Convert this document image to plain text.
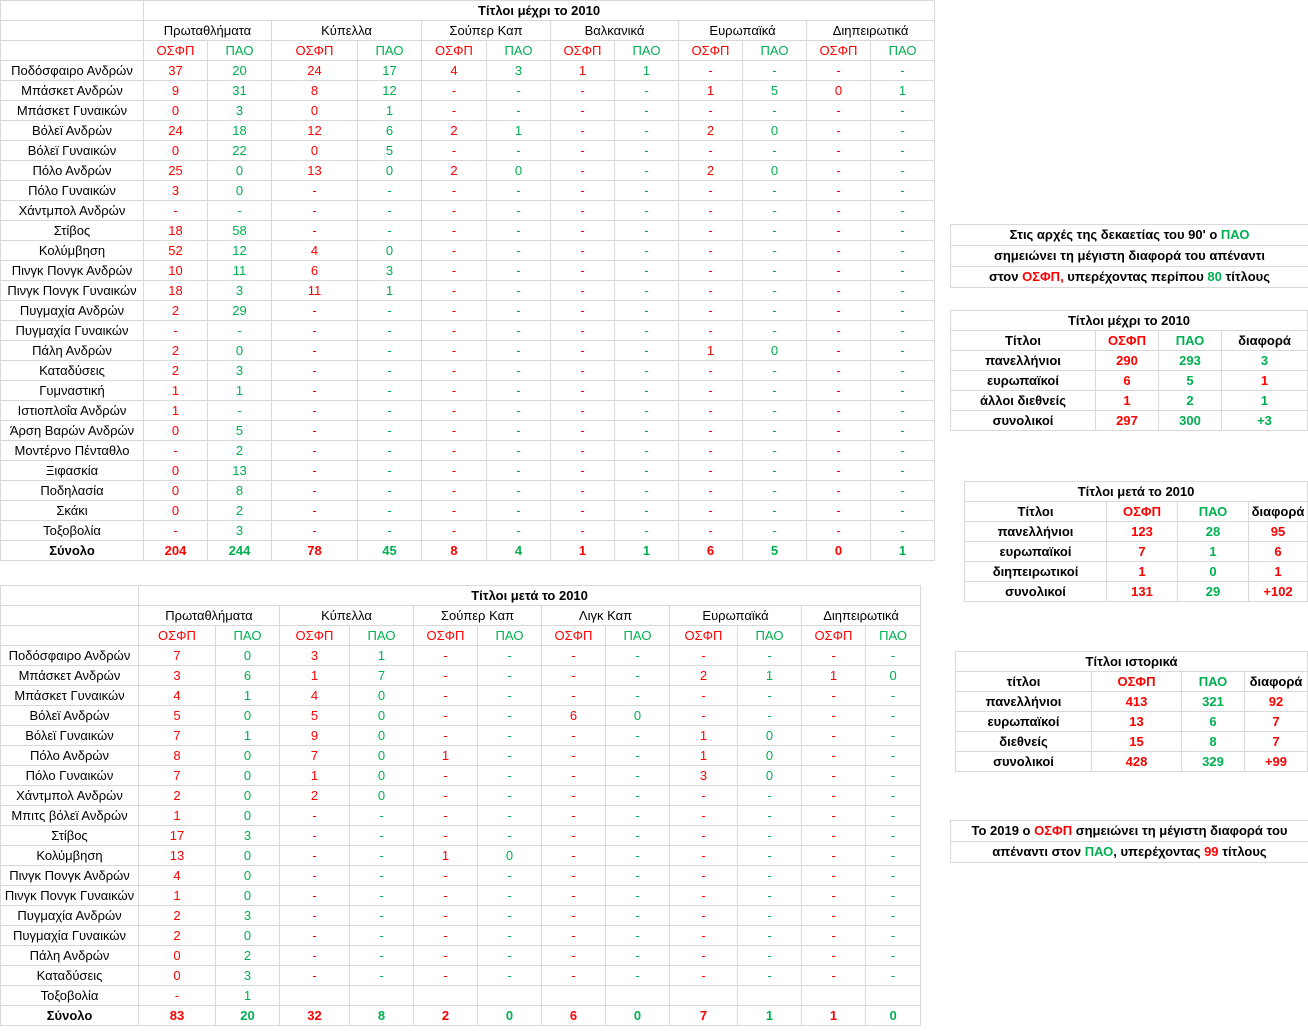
	Τίτλοι μέχρι το 2010											
	Πρωταθλήματα		Κύπελλα		Σούπερ Καπ		Βαλκανικά		Ευρωπαϊκά		Διηπειρωτικά	
	ΟΣΦΠ	ΠΑΟ	ΟΣΦΠ	ΠΑΟ	ΟΣΦΠ	ΠΑΟ	ΟΣΦΠ	ΠΑΟ	ΟΣΦΠ	ΠΑΟ	ΟΣΦΠ	ΠΑΟ
Ποδόσφαιρο Ανδρών	37	20	24	17	4	3	1	1	-	-	-	-
Μπάσκετ Ανδρών	9	31	8	12	-	-	-	-	1	5	0	1
Μπάσκετ Γυναικών	0	3	0	1	-	-	-	-	-	-	-	-
Βόλεϊ Ανδρών	24	18	12	6	2	1	-	-	2	0	-	-
Βόλεϊ Γυναικών	0	22	0	5	-	-	-	-	-	-	-	-
Πόλο Ανδρών	25	0	13	0	2	0	-	-	2	0	-	-
Πόλο Γυναικών	3	0	-	-	-	-	-	-	-	-	-	-
Χάντμπολ Ανδρών	-	-	-	-	-	-	-	-	-	-	-	-
Στίβος	18	58	-	-	-	-	-	-	-	-	-	-
Κολύμβηση	52	12	4	0	-	-	-	-	-	-	-	-
Πινγκ Πονγκ Ανδρών	10	11	6	3	-	-	-	-	-	-	-	-
Πινγκ Πονγκ Γυναικών	18	3	11	1	-	-	-	-	-	-	-	-
Πυγμαχία Ανδρών	2	29	-	-	-	-	-	-	-	-	-	-
Πυγμαχία Γυναικών	-	-	-	-	-	-	-	-	-	-	-	-
Πάλη Ανδρών	2	0	-	-	-	-	-	-	1	0	-	-
Καταδύσεις	2	3	-	-	-	-	-	-	-	-	-	-
Γυμναστική	1	1	-	-	-	-	-	-	-	-	-	-
Ιστιοπλοΐα Ανδρών	1	-	-	-	-	-	-	-	-	-	-	-
Άρση Βαρών Ανδρών	0	5	-	-	-	-	-	-	-	-	-	-
Μοντέρνο Πένταθλο	-	2	-	-	-	-	-	-	-	-	-	-
Ξιφασκία	0	13	-	-	-	-	-	-	-	-	-	-
Ποδηλασία	0	8	-	-	-	-	-	-	-	-	-	-
Σκάκι	0	2	-	-	-	-	-	-	-	-	-	-
Τοξοβολία	-	3	-	-	-	-	-	-	-	-	-	-
Σύνολο	204	244	78	45	8	4	1	1	6	5	0	1
	Τίτλοι μετά το 2010											
	Πρωταθλήματα		Κύπελλα		Σούπερ Καπ		Λιγκ Καπ		Ευρωπαϊκά		Διηπειρωτικά	
	ΟΣΦΠ	ΠΑΟ	ΟΣΦΠ	ΠΑΟ	ΟΣΦΠ	ΠΑΟ	ΟΣΦΠ	ΠΑΟ	ΟΣΦΠ	ΠΑΟ	ΟΣΦΠ	ΠΑΟ
Ποδόσφαιρο Ανδρών	7	0	3	1	-	-	-	-	-	-	-	-
Μπάσκετ Ανδρών	3	6	1	7	-	-	-	-	2	1	1	0
Μπάσκετ Γυναικών	4	1	4	0	-	-	-	-	-	-	-	-
Βόλεϊ Ανδρών	5	0	5	0	-	-	6	0	-	-	-	-
Βόλεϊ Γυναικών	7	1	9	0	-	-	-	-	1	0	-	-
Πόλο Ανδρών	8	0	7	0	1	-	-	-	1	0	-	-
Πόλο Γυναικών	7	0	1	0	-	-	-	-	3	0	-	-
Χάντμπολ Ανδρών	2	0	2	0	-	-	-	-	-	-	-	-
Μπιτς βόλεϊ Ανδρών	1	0	-	-	-	-	-	-	-	-	-	-
Στίβος	17	3	-	-	-	-	-	-	-	-	-	-
Κολύμβηση	13	0	-	-	1	0	-	-	-	-	-	-
Πινγκ Πονγκ Ανδρών	4	0	-	-	-	-	-	-	-	-	-	-
Πινγκ Πονγκ Γυναικών	1	0	-	-	-	-	-	-	-	-	-	-
Πυγμαχία Ανδρών	2	3	-	-	-	-	-	-	-	-	-	-
Πυγμαχία Γυναικών	2	0	-	-	-	-	-	-	-	-	-	-
Πάλη Ανδρών	0	2	-	-	-	-	-	-	-	-	-	-
Καταδύσεις	0	3	-	-	-	-	-	-	-	-	-	-
Τοξοβολία	-	1										
Σύνολο	83	20	32	8	2	0	6	0	7	1	1	0
Στις αρχές της δεκαετίας του 90' ο ΠΑΟ
σημειώνει τη μέγιστη διαφορά του απέναντι
στον ΟΣΦΠ, υπερέχοντας περίπου 80 τίτλους
Τίτλοι μέχρι το 2010			
Τίτλοι	ΟΣΦΠ	ΠΑΟ	διαφορά
πανελλήνιοι	290	293	3
ευρωπαϊκοί	6	5	1
άλλοι διεθνείς	1	2	1
συνολικοί	297	300	+3
Τίτλοι μετά το 2010			
Τίτλοι	ΟΣΦΠ	ΠΑΟ	διαφορά
πανελλήνιοι	123	28	95
ευρωπαϊκοί	7	1	6
διηπειρωτικοί	1	0	1
συνολικοί	131	29	+102
Τίτλοι ιστορικά			
τίτλοι	ΟΣΦΠ	ΠΑΟ	διαφορά
πανελλήνιοι	413	321	92
ευρωπαϊκοί	13	6	7
διεθνείς	15	8	7
συνολικοί	428	329	+99
Το 2019 ο ΟΣΦΠ σημειώνει τη μέγιστη διαφορά του
απέναντι στον ΠΑΟ, υπερέχοντας 99 τίτλους
